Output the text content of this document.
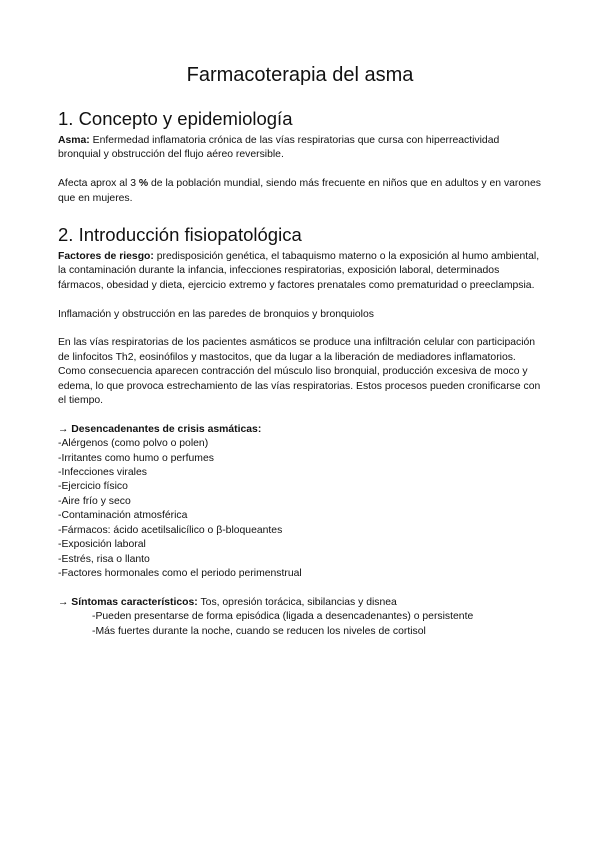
Farmacoterapia del asma
1. Concepto y epidemiología

Asma: Enfermedad inflamatoria crónica de las vías respiratorias que cursa con hiperreactividad bronquial y obstrucción del flujo aéreo reversible.

Afecta aprox al 3 % de la población mundial, siendo más frecuente en niños que en adultos y en varones que en mujeres.

2. Introducción fisiopatológica

Factores de riesgo: predisposición genética, el tabaquismo materno o la exposición al humo ambiental, la contaminación durante la infancia, infecciones respiratorias, exposición laboral, determinados fármacos, obesidad y dieta, ejercicio extremo y factores prenatales como prematuridad o preeclampsia.

Inflamación y obstrucción en las paredes de bronquios y bronquiolos

En las vías respiratorias de los pacientes asmáticos se produce una infiltración celular con participación de linfocitos Th2, eosinófilos y mastocitos, que da lugar a la liberación de mediadores inflamatorios. Como consecuencia aparecen contracción del músculo liso bronquial, producción excesiva de moco y edema, lo que provoca estrechamiento de las vías respiratorias. Estos procesos pueden cronificarse con el tiempo.

→ Desencadenantes de crisis asmáticas:

-Alérgenos (como polvo o polen)
-Irritantes como humo o perfumes
-Infecciones virales
-Ejercicio físico
-Aire frío y seco
-Contaminación atmosférica
-Fármacos: ácido acetilsalicílico o β-bloqueantes
-Exposición laboral
-Estrés, risa o llanto
-Factores hormonales como el periodo perimenstrual

→ Síntomas característicos: Tos, opresión torácica, sibilancias y disnea

-Pueden presentarse de forma episódica (ligada a desencadenantes) o persistente
-Más fuertes durante la noche, cuando se reducen los niveles de cortisol
